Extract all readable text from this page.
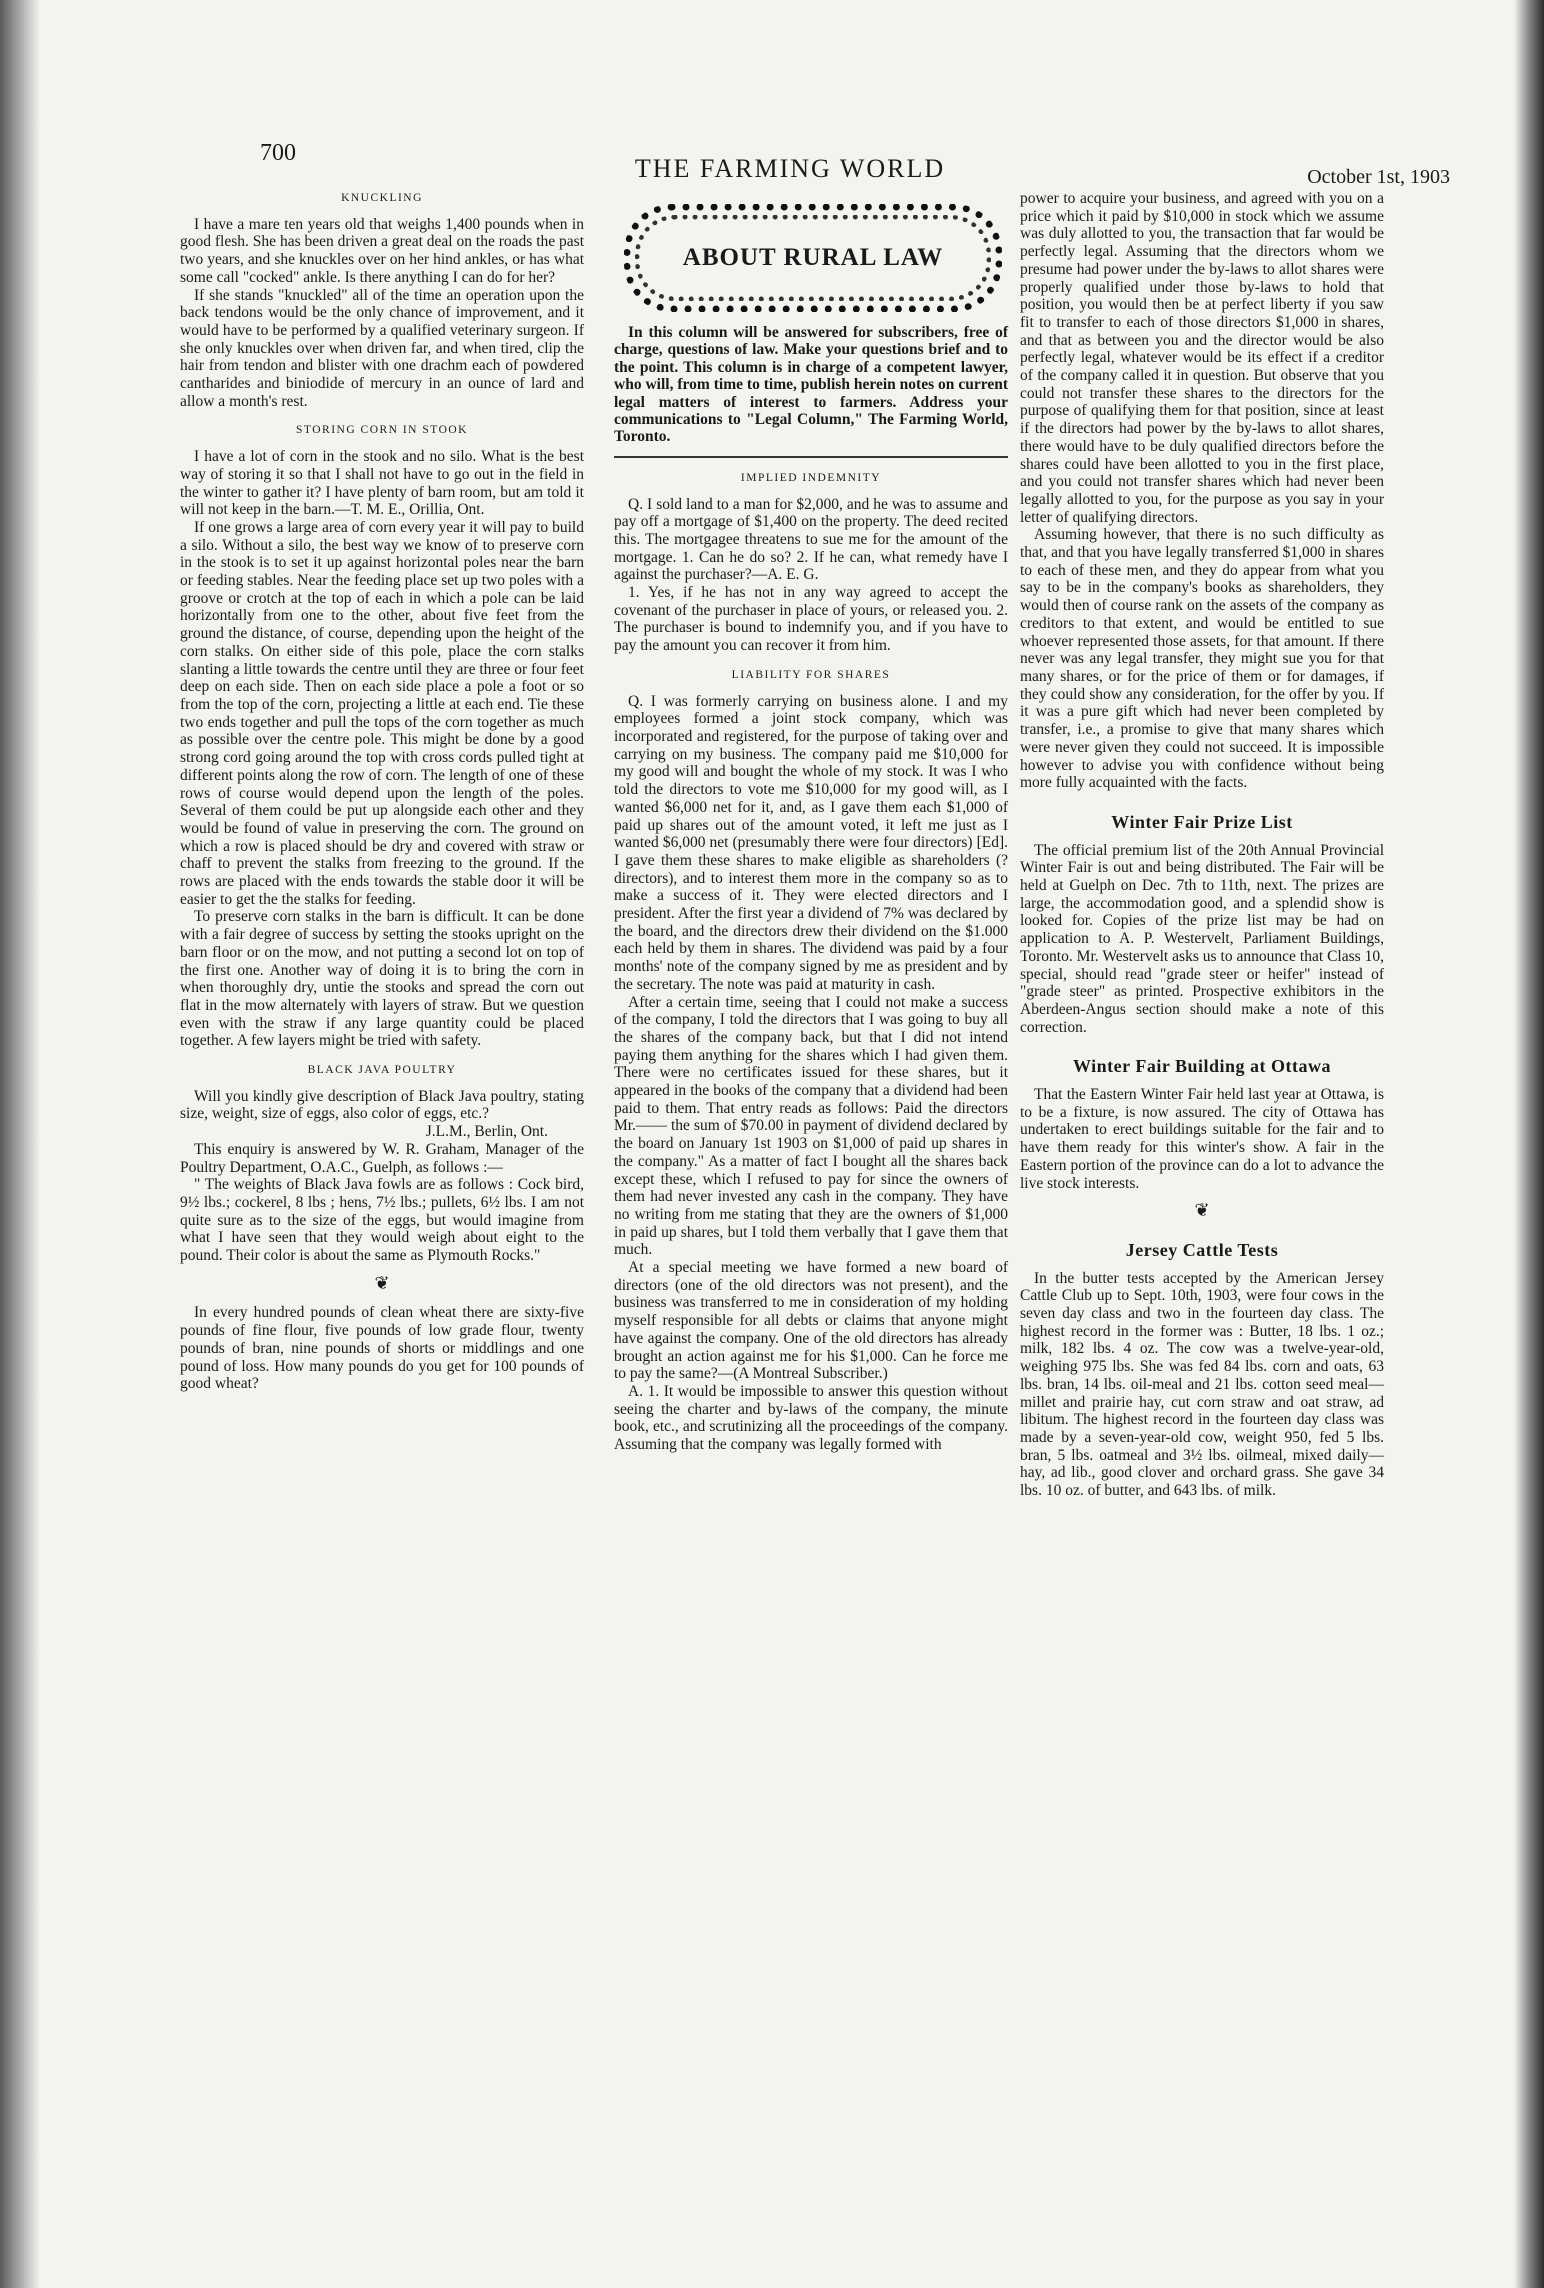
700
THE FARMING WORLD	October 1st, 1903
KNUCKLING

I have a mare ten years old that weighs 1,400 pounds when in good flesh. She has been driven a great deal on the roads the past two years, and she knuckles over on her hind ankles, or has what some call "cocked" ankle. Is there anything I can do for her?

If she stands "knuckled" all of the time an operation upon the back tendons would be the only chance of improvement, and it would have to be performed by a qualified veterinary surgeon. If she only knuckles over when driven far, and when tired, clip the hair from tendon and blister with one drachm each of powdered cantharides and biniodide of mercury in an ounce of lard and allow a month's rest.

STORING CORN IN STOOK

I have a lot of corn in the stook and no silo. What is the best way of storing it so that I shall not have to go out in the field in the winter to gather it? I have plenty of barn room, but am told it will not keep in the barn.—T. M. E., Orillia, Ont.

If one grows a large area of corn every year it will pay to build a silo. Without a silo, the best way we know of to preserve corn in the stook is to set it up against horizontal poles near the barn or feeding stables. Near the feeding place set up two poles with a groove or crotch at the top of each in which a pole can be laid horizontally from one to the other, about five feet from the ground the distance, of course, depending upon the height of the corn stalks. On either side of this pole, place the corn stalks slanting a little towards the centre until they are three or four feet deep on each side. Then on each side place a pole a foot or so from the top of the corn, projecting a little at each end. Tie these two ends together and pull the tops of the corn together as much as possible over the centre pole. This might be done by a good strong cord going around the top with cross cords pulled tight at different points along the row of corn. The length of one of these rows of course would depend upon the length of the poles. Several of them could be put up alongside each other and they would be found of value in preserving the corn. The ground on which a row is placed should be dry and covered with straw or chaff to prevent the stalks from freezing to the ground. If the rows are placed with the ends towards the stable door it will be easier to get the the stalks for feeding.

To preserve corn stalks in the barn is difficult. It can be done with a fair degree of success by setting the stooks upright on the barn floor or on the mow, and not putting a second lot on top of the first one. Another way of doing it is to bring the corn in when thoroughly dry, untie the stooks and spread the corn out flat in the mow alternately with layers of straw. But we question even with the straw if any large quantity could be placed together. A few layers might be tried with safety.

BLACK JAVA POULTRY

Will you kindly give description of Black Java poultry, stating size, weight, size of eggs, also color of eggs, etc.?

J.L.M., Berlin, Ont.

This enquiry is answered by W. R. Graham, Manager of the Poultry Department, O.A.C., Guelph, as follows :—

" The weights of Black Java fowls are as follows : Cock bird, 9½ lbs.; cockerel, 8 lbs ; hens, 7½ lbs.; pullets, 6½ lbs. I am not quite sure as to the size of the eggs, but would imagine from what I have seen that they would weigh about eight to the pound. Their color is about the same as Plymouth Rocks."

❦

In every hundred pounds of clean wheat there are sixty-five pounds of fine flour, five pounds of low grade flour, twenty pounds of bran, nine pounds of shorts or middlings and one pound of loss. How many pounds do you get for 100 pounds of good wheat?

ABOUT RURAL LAW

In this column will be answered for subscribers, free of charge, questions of law. Make your questions brief and to the point. This column is in charge of a competent lawyer, who will, from time to time, publish herein notes on current legal matters of interest to farmers. Address your communications to "Legal Column," The Farming World, Toronto.

IMPLIED INDEMNITY

Q. I sold land to a man for $2,000, and he was to assume and pay off a mortgage of $1,400 on the property. The deed recited this. The mortgagee threatens to sue me for the amount of the mortgage. 1. Can he do so? 2. If he can, what remedy have I against the purchaser?—A. E. G.

1. Yes, if he has not in any way agreed to accept the covenant of the purchaser in place of yours, or released you. 2. The purchaser is bound to indemnify you, and if you have to pay the amount you can recover it from him.

LIABILITY FOR SHARES

Q. I was formerly carrying on business alone. I and my employees formed a joint stock company, which was incorporated and registered, for the purpose of taking over and carrying on my business. The company paid me $10,000 for my good will and bought the whole of my stock. It was I who told the directors to vote me $10,000 for my good will, as I wanted $6,000 net for it, and, as I gave them each $1,000 of paid up shares out of the amount voted, it left me just as I wanted $6,000 net (presumably there were four directors) [Ed]. I gave them these shares to make eligible as shareholders (? directors), and to interest them more in the company so as to make a success of it. They were elected directors and I president. After the first year a dividend of 7% was declared by the board, and the directors drew their dividend on the $1.000 each held by them in shares. The dividend was paid by a four months' note of the company signed by me as president and by the secretary. The note was paid at maturity in cash.

After a certain time, seeing that I could not make a success of the company, I told the directors that I was going to buy all the shares of the company back, but that I did not intend paying them anything for the shares which I had given them. There were no certificates issued for these shares, but it appeared in the books of the company that a dividend had been paid to them. That entry reads as follows: Paid the directors Mr.—— the sum of $70.00 in payment of dividend declared by the board on January 1st 1903 on $1,000 of paid up shares in the company." As a matter of fact I bought all the shares back except these, which I refused to pay for since the owners of them had never invested any cash in the company. They have no writing from me stating that they are the owners of $1,000 in paid up shares, but I told them verbally that I gave them that much.

At a special meeting we have formed a new board of directors (one of the old directors was not present), and the business was transferred to me in consideration of my holding myself responsible for all debts or claims that anyone might have against the company. One of the old directors has already brought an action against me for his $1,000. Can he force me to pay the same?—(A Montreal Subscriber.)

A. 1. It would be impossible to answer this question without seeing the charter and by-laws of the company, the minute book, etc., and scrutinizing all the proceedings of the company. Assuming that the company was legally formed with

power to acquire your business, and agreed with you on a price which it paid by $10,000 in stock which we assume was duly allotted to you, the transaction that far would be perfectly legal. Assuming that the directors whom we presume had power under the by-laws to allot shares were properly qualified under those by-laws to hold that position, you would then be at perfect liberty if you saw fit to transfer to each of those directors $1,000 in shares, and that as between you and the director would be also perfectly legal, whatever would be its effect if a creditor of the company called it in question. But observe that you could not transfer these shares to the directors for the purpose of qualifying them for that position, since at least if the directors had power by the by-laws to allot shares, there would have to be duly qualified directors before the shares could have been allotted to you in the first place, and you could not transfer shares which had never been legally allotted to you, for the purpose as you say in your letter of qualifying directors.

Assuming however, that there is no such difficulty as that, and that you have legally transferred $1,000 in shares to each of these men, and they do appear from what you say to be in the company's books as shareholders, they would then of course rank on the assets of the company as creditors to that extent, and would be entitled to sue whoever represented those assets, for that amount. If there never was any legal transfer, they might sue you for that many shares, or for the price of them or for damages, if they could show any consideration, for the offer by you. If it was a pure gift which had never been completed by transfer, i.e., a promise to give that many shares which were never given they could not succeed. It is impossible however to advise you with confidence without being more fully acquainted with the facts.

Winter Fair Prize List

The official premium list of the 20th Annual Provincial Winter Fair is out and being distributed. The Fair will be held at Guelph on Dec. 7th to 11th, next. The prizes are large, the accommodation good, and a splendid show is looked for. Copies of the prize list may be had on application to A. P. Westervelt, Parliament Buildings, Toronto. Mr. Westervelt asks us to announce that Class 10, special, should read "grade steer or heifer" instead of "grade steer" as printed. Prospective exhibitors in the Aberdeen-Angus section should make a note of this correction.

Winter Fair Building at Ottawa

That the Eastern Winter Fair held last year at Ottawa, is to be a fixture, is now assured. The city of Ottawa has undertaken to erect buildings suitable for the fair and to have them ready for this winter's show. A fair in the Eastern portion of the province can do a lot to advance the live stock interests.

❦
Jersey Cattle Tests

In the butter tests accepted by the American Jersey Cattle Club up to Sept. 10th, 1903, were four cows in the seven day class and two in the fourteen day class. The highest record in the former was : Butter, 18 lbs. 1 oz.; milk, 182 lbs. 4 oz. The cow was a twelve-year-old, weighing 975 lbs. She was fed 84 lbs. corn and oats, 63 lbs. bran, 14 lbs. oil-meal and 21 lbs. cotton seed meal—millet and prairie hay, cut corn straw and oat straw, ad libitum. The highest record in the fourteen day class was made by a seven-year-old cow, weight 950, fed 5 lbs. bran, 5 lbs. oatmeal and 3½ lbs. oilmeal, mixed daily—hay, ad lib., good clover and orchard grass. She gave 34 lbs. 10 oz. of butter, and 643 lbs. of milk.
